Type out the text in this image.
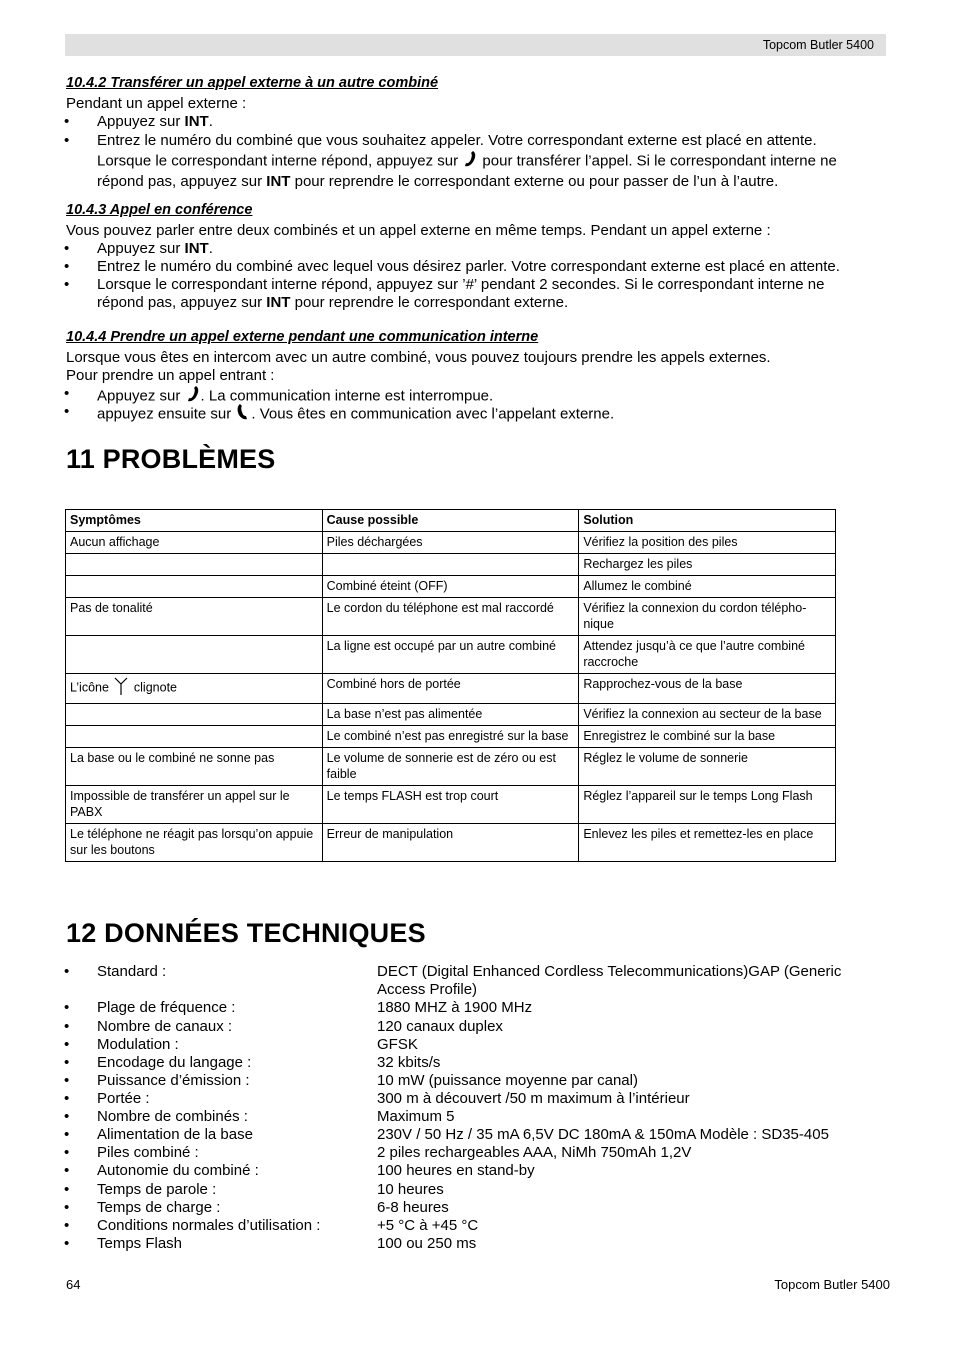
Topcom Butler 5400
10.4.2 Transférer un appel externe à un autre combiné
Pendant un appel externe :
• Appuyez sur INT.
• Entrez le numéro du combiné que vous souhaitez appeler. Votre correspondant externe est placé en attente.
Lorsque le correspondant interne répond, appuyez sur  pour transférer l’appel. Si le correspondant interne ne
répond pas, appuyez sur INT pour reprendre le correspondant externe ou pour passer de l’un à l’autre.
10.4.3 Appel en conférence
Vous pouvez parler entre deux combinés et un appel externe en même temps. Pendant un appel externe :
• Appuyez sur INT.
• Entrez le numéro du combiné avec lequel vous désirez parler. Votre correspondant externe est placé en attente.
• Lorsque le correspondant interne répond, appuyez sur ’#’ pendant 2 secondes. Si le correspondant interne ne
répond pas, appuyez sur INT pour reprendre le correspondant externe.
10.4.4 Prendre un appel externe pendant une communication interne
Lorsque vous êtes en intercom avec un autre combiné, vous pouvez toujours prendre les appels externes.
Pour prendre un appel entrant :
• Appuyez sur . La communication interne est interrompue.
• appuyez ensuite sur . Vous êtes en communication avec l’appelant externe.
11 PROBLÈMES
Symptômes	Cause possible	Solution
Aucun affichage	Piles déchargées	Vérifiez la position des piles
		Rechargez les piles
	Combiné éteint (OFF)	Allumez le combiné
Pas de tonalité	Le cordon du téléphone est mal raccordé	Vérifiez la connexion du cordon télépho-nique
	La ligne est occupé par un autre combiné	Attendez jusqu’à ce que l’autre combiné raccroche
L’icône clignote	Combiné hors de portée	Rapprochez-vous de la base
	La base n’est pas alimentée	Vérifiez la connexion au secteur de la base
	Le combiné n’est pas enregistré sur la base	Enregistrez le combiné sur la base
La base ou le combiné ne sonne pas	Le volume de sonnerie est de zéro ou est faible	Réglez le volume de sonnerie
Impossible de transférer un appel sur le PABX	Le temps FLASH est trop court	Réglez l’appareil sur le temps Long Flash
Le téléphone ne réagit pas lorsqu’on appuie sur les boutons	Erreur de manipulation	Enlevez les piles et remettez-les en place
12 DONNÉES TECHNIQUES
• Standard :	DECT (Digital Enhanced Cordless Telecommunications)GAP (Generic Access Profile)
• Plage de fréquence :	1880 MHZ à 1900 MHz
• Nombre de canaux :	120 canaux duplex
• Modulation :	GFSK
• Encodage du langage :	32 kbits/s
• Puissance d’émission :	10 mW (puissance moyenne par canal)
• Portée :	300 m à découvert /50 m maximum à l’intérieur
• Nombre de combinés :	Maximum 5
• Alimentation de la base	230V / 50 Hz / 35 mA 6,5V DC 180mA & 150mA Modèle : SD35-405
• Piles combiné :	2 piles rechargeables AAA, NiMh 750mAh 1,2V
• Autonomie du combiné :	100 heures en stand-by
• Temps de parole :	10 heures
• Temps de charge :	6-8 heures
• Conditions normales d’utilisation :	+5 °C à +45 °C
• Temps Flash	100 ou 250 ms
64	Topcom Butler 5400
